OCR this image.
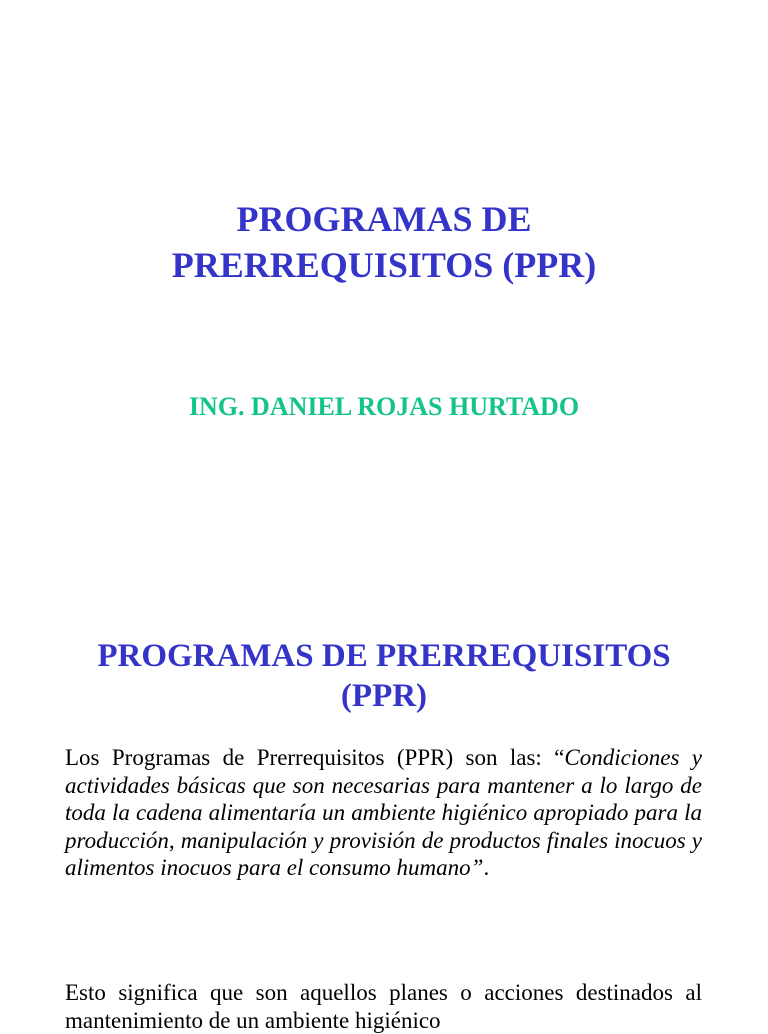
PROGRAMAS DE
PRERREQUISITOS (PPR)
ING. DANIEL ROJAS HURTADO
PROGRAMAS DE PRERREQUISITOS
(PPR)

Los Programas de Prerrequisitos (PPR) son las: “Condiciones y actividades básicas que son necesarias para mantener a lo largo de toda la cadena alimentaría un ambiente higiénico apropiado para la producción, manipulación y provisión de productos finales inocuos y alimentos inocuos para el consumo humano”.

Esto significa que son aquellos planes o acciones destinados al mantenimiento de un ambiente higiénico
